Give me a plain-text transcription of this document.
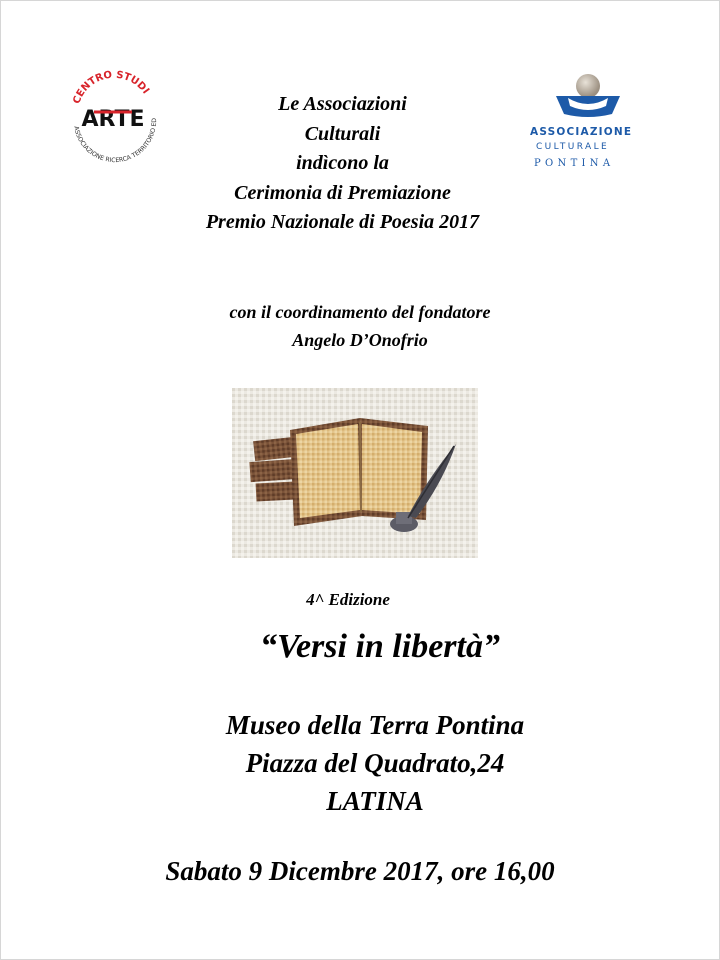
CENTRO STUDI
ASSOCIAZIONE RICERCA TERRITORIO ED
ARTE	ASSOCIAZIONE
CULTURALE
PONTINA
Le Associazioni
Culturali
indìcono la
Cerimonia di Premiazione
Premio Nazionale di Poesia 2017
con il coordinamento del fondatore
Angelo D’Onofrio
4^ Edizione
“Versi in libertà”
Museo della Terra Pontina
Piazza del Quadrato,24
LATINA
Sabato 9 Dicembre 2017, ore 16,00
